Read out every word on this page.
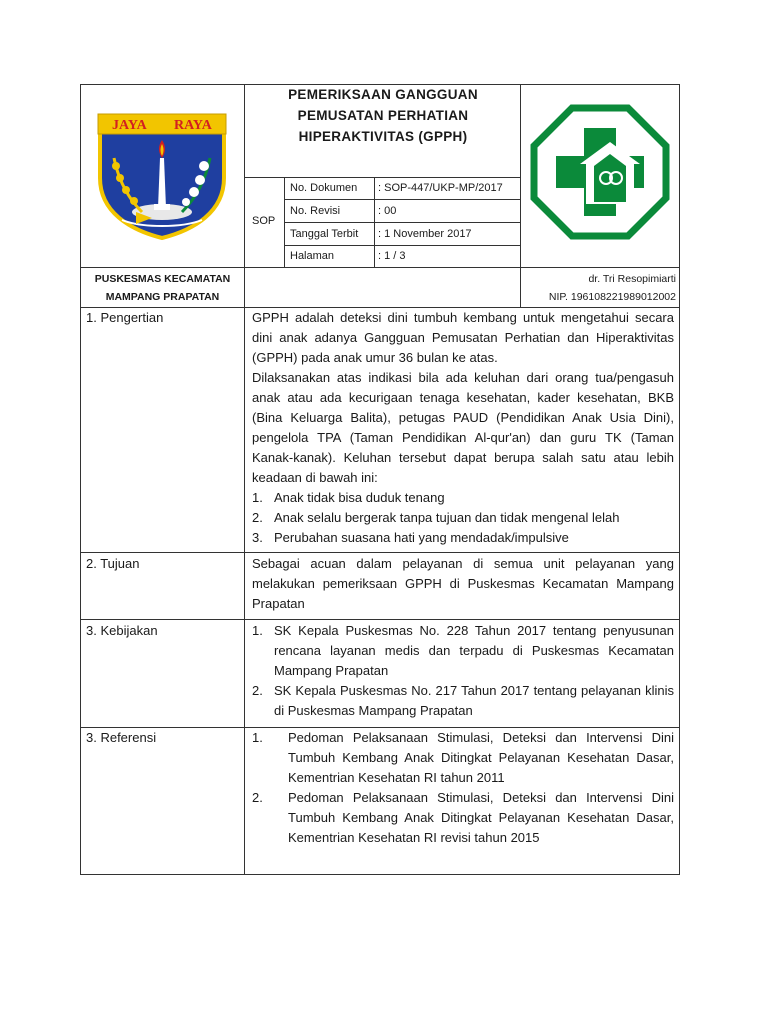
JAYA RAYA
PEMERIKSAAN GANGGUAN
PEMUSATAN PERHATIAN
HIPERAKTIVITAS (GPPH)
SOP
No. Dokumen : SOP-447/UKP-MP/2017
No. Revisi	: 00
Tanggal Terbit : 1 November 2017
Halaman	: 1 / 3
PUSKESMAS KECAMATAN
MAMPANG PRAPATAN
dr. Tri Resopimiarti
NIP. 196108221989012002
1. Pengertian	GPPH adalah deteksi dini tumbuh kembang untuk mengetahui secara dini anak adanya Gangguan Pemusatan Perhatian dan Hiperaktivitas (GPPH) pada anak umur 36 bulan ke atas.

Dilaksanakan atas indikasi bila ada keluhan dari orang tua/pengasuh anak atau ada kecurigaan tenaga kesehatan, kader kesehatan, BKB (Bina Keluarga Balita), petugas PAUD (Pendidikan Anak Usia Dini), pengelola TPA (Taman Pendidikan Al-qur'an) dan guru TK (Taman Kanak-kanak). Keluhan tersebut dapat berupa salah satu atau lebih keadaan di bawah ini:

1. Anak tidak bisa duduk tenang
2. Anak selalu bergerak tanpa tujuan dan tidak mengenal lelah
3. Perubahan suasana hati yang mendadak/impulsive
2. Tujuan	Sebagai acuan dalam pelayanan di semua unit pelayanan yang melakukan pemeriksaan GPPH di Puskesmas Kecamatan Mampang Prapatan
3. Kebijakan	1. SK Kepala Puskesmas No. 228 Tahun 2017 tentang penyusunan rencana layanan medis dan terpadu di Puskesmas Kecamatan Mampang Prapatan
2. SK Kepala Puskesmas No. 217 Tahun 2017 tentang pelayanan klinis di Puskesmas Mampang Prapatan
3. Referensi	1. Pedoman Pelaksanaan Stimulasi, Deteksi dan Intervensi Dini Tumbuh Kembang Anak Ditingkat Pelayanan Kesehatan Dasar, Kementrian Kesehatan RI tahun 2011
2. Pedoman Pelaksanaan Stimulasi, Deteksi dan Intervensi Dini Tumbuh Kembang Anak Ditingkat Pelayanan Kesehatan Dasar, Kementrian Kesehatan RI revisi tahun 2015
